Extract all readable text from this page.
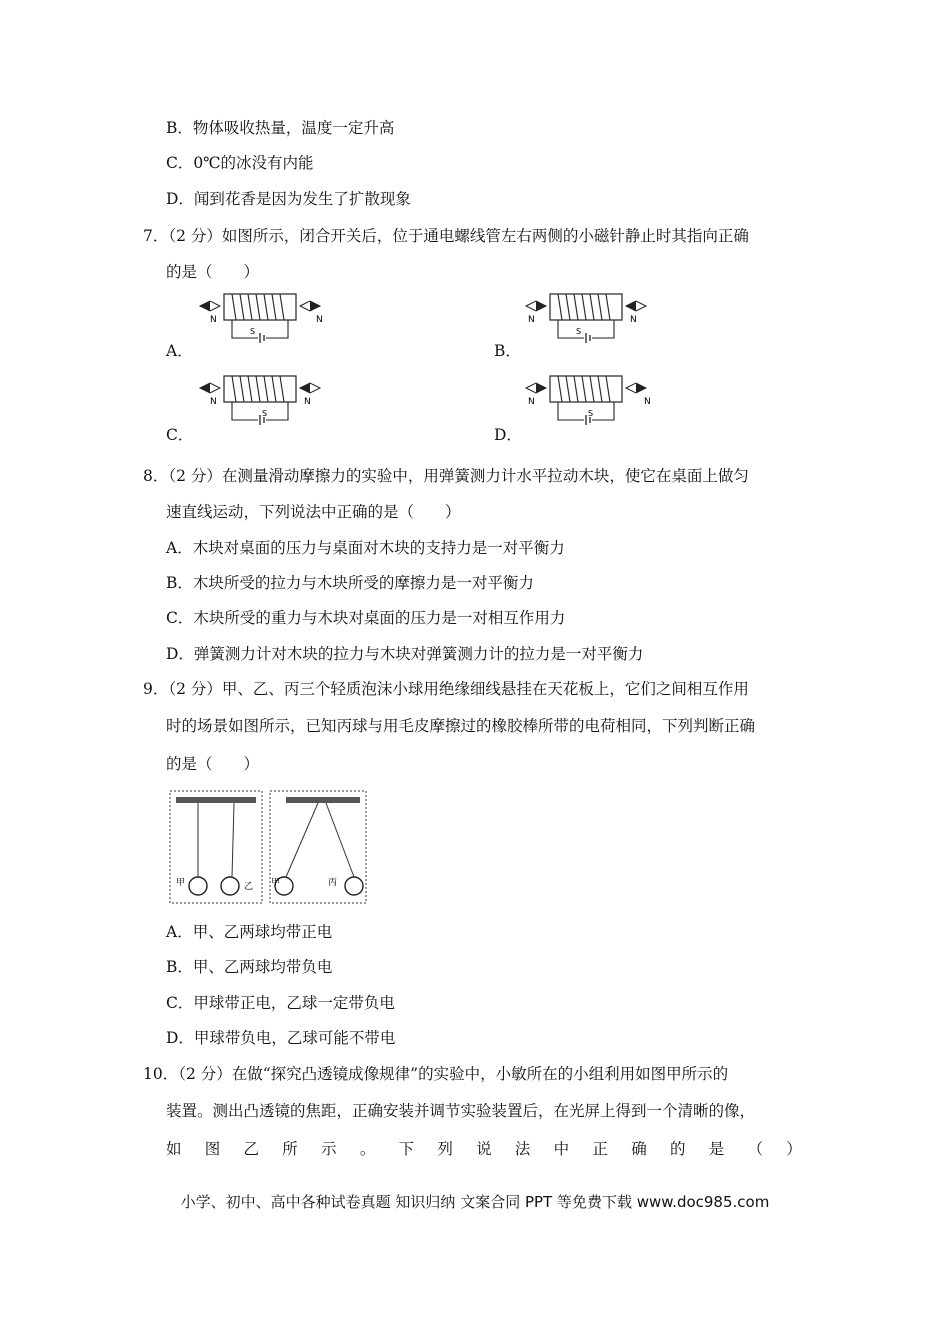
B．物体吸收热量，温度一定升高
C．0℃的冰没有内能
D．闻到花香是因为发生了扩散现象
7．（2 分）如图所示，闭合开关后，位于通电螺线管左右两侧的小磁针静止时其指向正确
的是（　　）
N
S
N	N
S
N
N
S
N	N
S
N
A．	B．
C．	D．
8．（2 分）在测量滑动摩擦力的实验中，用弹簧测力计水平拉动木块，使它在桌面上做匀
速直线运动，下列说法中正确的是（　　）
A．木块对桌面的压力与桌面对木块的支持力是一对平衡力
B．木块所受的拉力与木块所受的摩擦力是一对平衡力
C．木块所受的重力与木块对桌面的压力是一对相互作用力
D．弹簧测力计对木块的拉力与木块对弹簧测力计的拉力是一对平衡力
9．（2 分）甲、乙、丙三个轻质泡沫小球用绝缘细线悬挂在天花板上，它们之间相互作用
时的场景如图所示，已知丙球与用毛皮摩擦过的橡胶棒所带的电荷相同，下列判断正确
的是（　　）
甲	乙 甲	丙
A．甲、乙两球均带正电
B．甲、乙两球均带负电
C．甲球带正电，乙球一定带负电
D．甲球带负电，乙球可能不带电
10．（2 分）在做“探究凸透镜成像规律”的实验中，小敏所在的小组利用如图甲所示的
装置。测出凸透镜的焦距，正确安装并调节实验装置后，在光屏上得到一个清晰的像，
如 图 乙 所 示 。 下 列 说 法 中 正 确 的 是 （ ）
小学、初中、高中各种试卷真题 知识归纳 文案合同 PPT 等免费下载 www.doc985.com
